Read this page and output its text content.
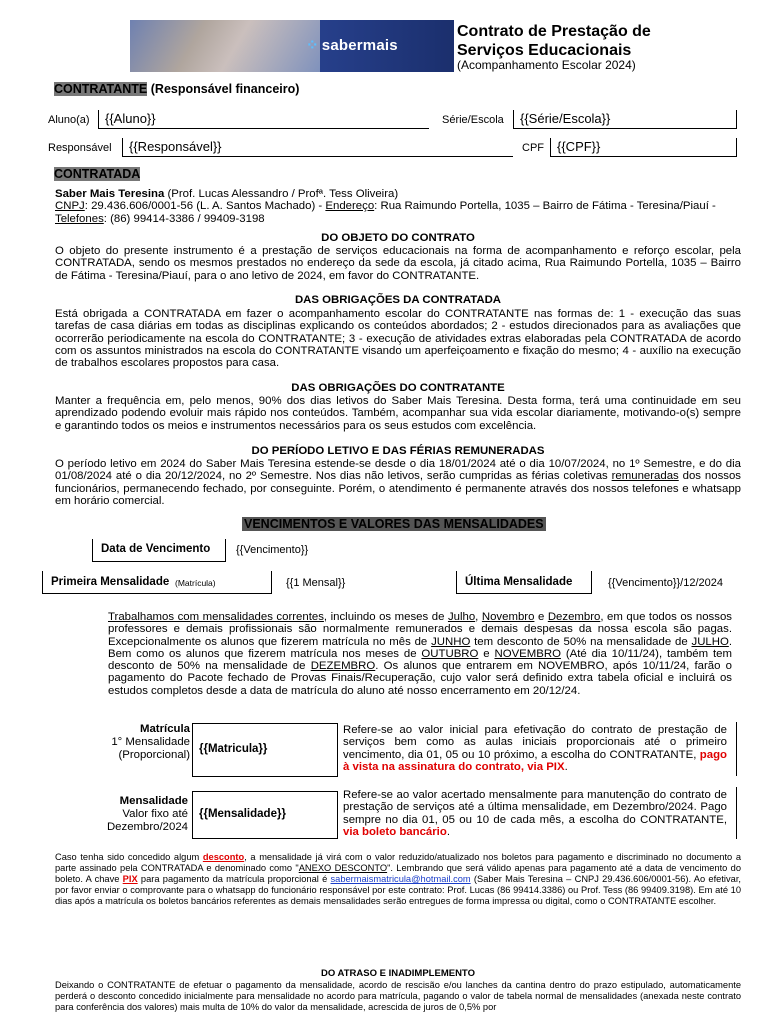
⁘ sabermais
Contrato de Prestação de
Serviços Educacionais
(Acompanhamento Escolar 2024)
CONTRATANTE (Responsável financeiro)
Aluno(a) {{Aluno}}	Série/Escola {{Série/Escola}}
Responsável {{Responsável}}	CPF {{CPF}}
CONTRATADA
Saber Mais Teresina (Prof. Lucas Alessandro / Profª. Tess Oliveira)
CNPJ: 29.436.606/0001-56 (L. A. Santos Machado) - Endereço: Rua Raimundo Portella, 1035 – Bairro de Fátima - Teresina/Piauí -
Telefones: (86) 99414-3386 / 99409-3198
DO OBJETO DO CONTRATO
O objeto do presente instrumento é a prestação de serviços educacionais na forma de acompanhamento e reforço escolar, pela CONTRATADA, sendo os mesmos prestados no endereço da sede da escola, já citado acima, Rua Raimundo Portella, 1035 – Bairro de Fátima - Teresina/Piauí, para o ano letivo de 2024, em favor do CONTRATANTE.
DAS OBRIGAÇÕES DA CONTRATADA
Está obrigada a CONTRATADA em fazer o acompanhamento escolar do CONTRATANTE nas formas de: 1 - execução das suas tarefas de casa diárias em todas as disciplinas explicando os conteúdos abordados; 2 - estudos direcionados para as avaliações que ocorrerão periodicamente na escola do CONTRATANTE; 3 - execução de atividades extras elaboradas pela CONTRATADA de acordo com os assuntos ministrados na escola do CONTRATANTE visando um aperfeiçoamento e fixação do mesmo; 4 - auxílio na execução de trabalhos escolares propostos para casa.
DAS OBRIGAÇÕES DO CONTRATANTE
Manter a frequência em, pelo menos, 90% dos dias letivos do Saber Mais Teresina. Desta forma, terá uma continuidade em seu aprendizado podendo evoluir mais rápido nos conteúdos. Também, acompanhar sua vida escolar diariamente, motivando-o(s) sempre e garantindo todos os meios e instrumentos necessários para os seus estudos com excelência.
DO PERÍODO LETIVO E DAS FÉRIAS REMUNERADAS
O período letivo em 2024 do Saber Mais Teresina estende-se desde o dia 18/01/2024 até o dia 10/07/2024, no 1º Semestre, e do dia 01/08/2024 até o dia 20/12/2024, no 2º Semestre. Nos dias não letivos, serão cumpridas as férias coletivas remuneradas dos nossos funcionários, permanecendo fechado, por conseguinte. Porém, o atendimento é permanente através dos nossos telefones e whatsapp em horário comercial.
VENCIMENTOS E VALORES DAS MENSALIDADES
Data de Vencimento {{Vencimento}}
Primeira Mensalidade (Matrícula)	{{1 Mensal}}	Última Mensalidade	{{Vencimento}}/12/2024
Trabalhamos com mensalidades correntes, incluindo os meses de Julho, Novembro e Dezembro, em que todos os nossos professores e demais profissionais são normalmente remunerados e demais despesas da nossa escola são pagas. Excepcionalmente os alunos que fizerem matrícula no mês de JUNHO tem desconto de 50% na mensalidade de JULHO. Bem como os alunos que fizerem matrícula nos meses de OUTUBRO e NOVEMBRO (Até dia 10/11/24), também tem desconto de 50% na mensalidade de DEZEMBRO. Os alunos que entrarem em NOVEMBRO, após 10/11/24, farão o pagamento do Pacote fechado de Provas Finais/Recuperação, cujo valor será definido extra tabela oficial e incluirá os estudos completos desde a data de matrícula do aluno até nosso encerramento em 20/12/24.
Matrícula
1° Mensalidade
(Proporcional) {{Matricula}}
Refere-se ao valor inicial para efetivação do contrato de prestação de serviços bem como as aulas iniciais proporcionais até o primeiro vencimento, dia 01, 05 ou 10 próximo, a escolha do CONTRATANTE, pago à vista na assinatura do contrato, via PIX.
Mensalidade
Valor fixo até
Dezembro/2024
{{Mensalidade}}
Refere-se ao valor acertado mensalmente para manutenção do contrato de prestação de serviços até a última mensalidade, em Dezembro/2024. Pago sempre no dia 01, 05 ou 10 de cada mês, a escolha do CONTRATANTE, via boleto bancário.
Caso tenha sido concedido algum desconto, a mensalidade já virá com o valor reduzido/atualizado nos boletos para pagamento e discriminado no documento a parte assinado pela CONTRATADA e denominado como "ANEXO DESCONTO". Lembrando que será válido apenas para pagamento até a data de vencimento do boleto. A chave PIX para pagamento da matrícula proporcional é sabermaismatricula@hotmail.com (Saber Mais Teresina – CNPJ 29.436.606/0001-56). Ao efetivar, por favor enviar o comprovante para o whatsapp do funcionário responsável por este contrato: Prof. Lucas (86 99414.3386) ou Prof. Tess (86 99409.3198). Em até 10 dias após a matrícula os boletos bancários referentes as demais mensalidades serão entregues de forma impressa ou digital, como o CONTRATANTE escolher.
DO ATRASO E INADIMPLEMENTO
Deixando o CONTRATANTE de efetuar o pagamento da mensalidade, acordo de rescisão e/ou lanches da cantina dentro do prazo estipulado, automaticamente perderá o desconto concedido inicialmente para mensalidade no acordo para matrícula, pagando o valor de tabela normal de mensalidades (anexada neste contrato para conferência dos valores) mais multa de 10% do valor da mensalidade, acrescida de juros de 0,5% por
